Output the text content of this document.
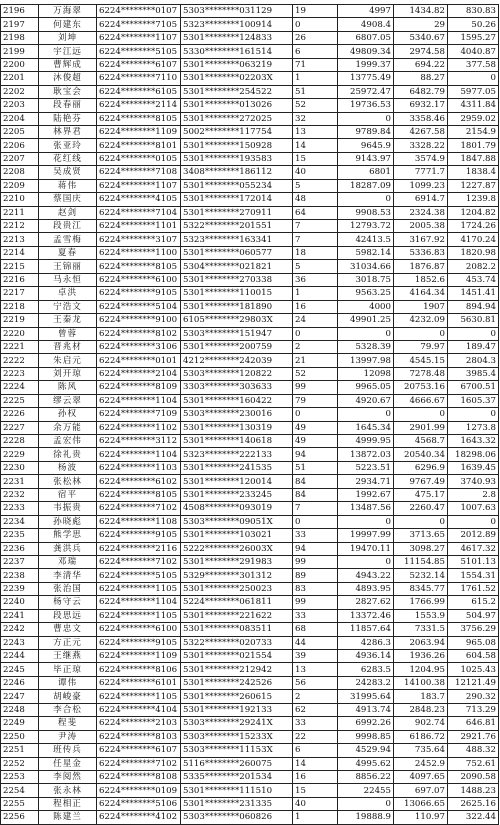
2196	万海翠	6224********0107	5303********031129	19	4997	1434.82	830.83
2197	何建东	6224********7105	5323********100914	0	4908.4	29	50.26
2198	刘坤	6224********1107	5301********124833	26	6807.05	5340.67	1595.27
2199	宇江远	6224********5105	5330********161514	6	49809.34	2974.58	4040.87
2200	曹辉成	6224********6107	5301********063219	71	1999.37	694.22	377.58
2201	沐俊超	6224********7110	5301********02203X	1	13775.49	88.27	0
2202	耿宝会	6224********6105	5301********254522	51	25972.47	6482.79	5977.05
2203	段春丽	6224********2114	5301********013026	52	19736.53	6932.17	4311.84
2204	陆艳芬	6224********8105	5301********272025	32	0	3358.46	2959.02
2205	林界君	6224********1109	5002********117754	13	9789.84	4267.58	2154.9
2206	张亚玲	6224********8101	5301********150928	14	9645.9	3328.22	1801.79
2207	花红线	6224********0105	5301********193583	15	9143.97	3574.9	1847.88
2208	吴成贤	6224********7108	3408********186112	40	6801	7771.7	1838.4
2209	蒋伟	6224********1107	5301********055234	5	18287.09	1099.23	1227.87
2210	蔡国庆	6224********4105	5301********172014	48	0	6914.7	1239.8
2211	赵剑	6224********7104	5301********270911	64	9908.53	2324.38	1204.82
2212	段贵江	6224********1101	5322********201551	7	12793.72	2005.38	1724.26
2213	孟雪梅	6224********3107	5323********163341	7	42413.5	3167.92	4170.24
2214	夏春	6224********1100	5301********060577	18	5982.14	5336.83	1820.98
2215	王锦丽	6224********8105	5304********021821	5	31034.66	1876.87	2082.2
2216	马永恒	6224********6100	5301********270338	36	3018.75	1852.6	453.74
2217	卓洪	6224********9105	5301********110015	1	9563.25	4164.34	1451.41
2218	宁浩文	6224********5104	5301********181890	16	4000	1907	894.94
2219	王秦龙	6224********9100	6105********29803X	24	49901.25	4232.09	5630.81
2220	曾蓉	6224********8102	5303********151947	0	0	0	0
2221	晋兆材	6224********3106	5301********200759	2	5328.39	79.97	189.47
2222	朱启元	6224********0101	4212********242039	21	13997.98	4545.15	2804.3
2223	刘开琼	6224********2104	5303********120822	52	12098	7278.48	3985.4
2224	陈风	6224********8109	3303********303633	99	9965.05	20753.16	6700.51
2225	缪云翠	6224********1104	5301********160422	79	4920.67	4666.67	1605.37
2226	孙权	6224********7109	5303********230016	0	0	0	0
2227	余万能	6224********1102	5301********130319	49	1645.34	2901.99	1273.8
2228	孟宏伟	6224********3112	5301********140618	49	4999.95	4568.7	1643.32
2229	徐礼贵	6224********1104	5323********222133	94	13872.03	20540.34	18298.06
2230	杨波	6224********1103	5301********241535	51	5223.51	6296.9	1639.45
2231	张松林	6224********6102	5301********120014	84	2934.71	9767.49	3740.93
2232	宿平	6224********8105	5301********233245	84	1992.67	475.17	2.8
2233	韦振贵	6224********7102	4508********093019	7	13487.56	2260.47	1007.63
2234	孙晓彪	6224********1108	5303********09051X	0	0	0	0
2235	熊学思	6224********9105	5301********103021	33	19997.99	3713.65	2012.89
2236	龚洪兵	6224********2116	5222********26003X	94	19470.11	3098.27	4617.32
2237	邓瑞	6224********7102	5301********291983	99	0	11154.85	5101.13
2238	李清华	6224********5105	5329********301312	89	4943.22	5232.14	1554.31
2239	张治国	6224********1105	5301********250023	83	4893.95	8345.77	1761.52
2240	杨守云	6224********1104	5224********061811	99	2827.62	1766.99	615.2
2241	段思远	6224********1105	5301********221622	33	13372.46	1553.9	504.97
2242	曹忠文	6224********6100	5301********083511	68	11857.64	7331.5	3756.29
2243	方正元	6224********9105	5322********020733	44	4286.3	2063.94	965.08
2244	王继燕	6224********1109	5301********021554	39	4936.14	1936.26	604.58
2245	毕正琼	6224********8106	5301********212942	13	6283.5	1204.95	1025.43
2246	谭伟	6224********6101	5301********242526	56	24283.2	14100.38	12121.49
2247	胡峻豪	6224********1105	5301********260615	2	31995.64	183.7	290.32
2248	李合松	6224********4104	5301********192133	62	4913.74	2848.23	713.29
2249	程斐	6224********2103	5303********29241X	33	6992.26	902.74	646.81
2250	尹涛	6224********8103	5303********15233X	22	9998.85	6186.72	2921.76
2251	班传兵	6224********6107	5303********11153X	6	4529.94	735.64	488.32
2252	任星金	6224********7102	5116********260075	14	4995.62	2452.9	752.61
2253	李阅然	6224********8108	5335********201534	16	8856.22	4097.65	2090.58
2254	张永林	6224********0109	5301********111510	15	22455	697.07	1488.23
2255	程相正	6224********5106	5301********231335	40	0	13066.65	2625.16
2256	陈建兰	6224********4102	5303********060826	1	19888.9	110.97	322.44
